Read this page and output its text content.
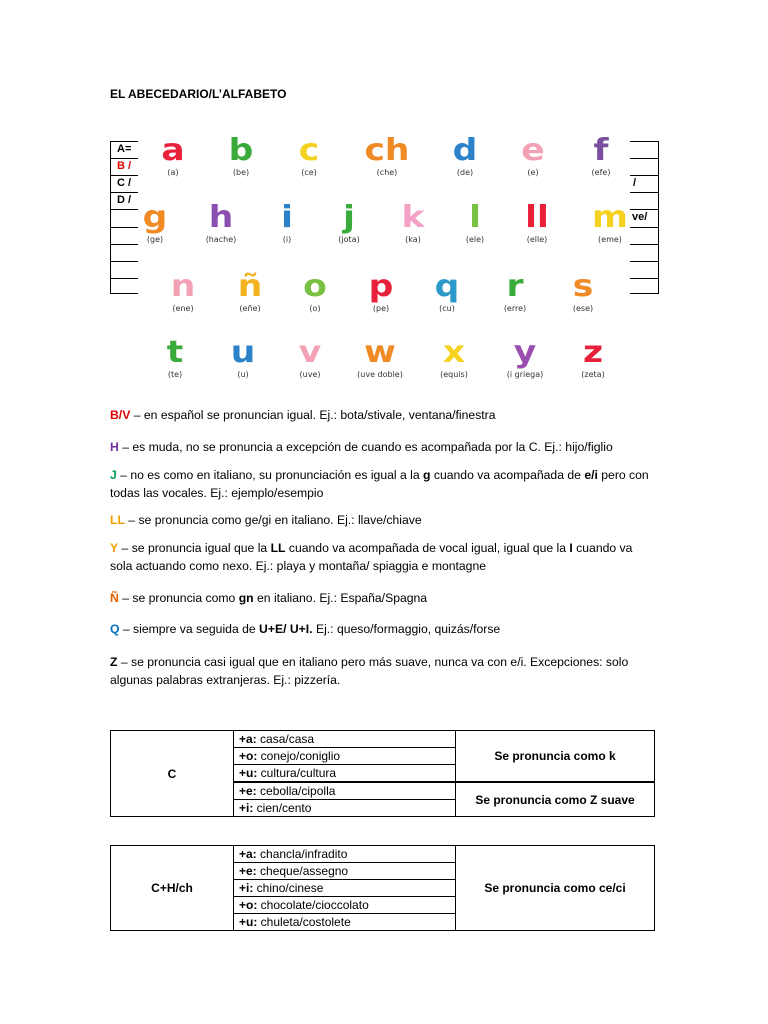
EL ABECEDARIO/L’ALFABETO
A=
B /
C /
D /
/
ve/
a
(a)
b
(be)
c
(ce)
ch
(che)
d
(de)
e
(e)
f
(efe)
g
(ge)
h
(hache)
i
(i)
j
(jota)
k
(ka)
l
(ele)
ll
(elle)
m
(eme)
n
(ene)
ñ
(eñe)
o
(o)
p
(pe)
q
(cu)
r
(erre)
s
(ese)
t
(te)
u
(u)
v
(uve)
w
(uve doble)
x
(equis)
y
(i griega)
z
(zeta)
B/V – en español se pronuncian igual. Ej.: bota/stivale, ventana/finestra
H – es muda, no se pronuncia a excepción de cuando es acompañada por la C. Ej.: hijo/figlio
J – no es como en italiano, su pronunciación es igual a la g cuando va acompañada de e/i pero con todas las vocales. Ej.: ejemplo/esempio
LL – se pronuncia como ge/gi en italiano. Ej.: llave/chiave
Y – se pronuncia igual que la LL cuando va acompañada de vocal igual, igual que la I cuando va sola actuando como nexo. Ej.: playa y montaña/ spiaggia e montagne
Ñ – se pronuncia como gn en italiano. Ej.: España/Spagna
Q – siempre va seguida de U+E/ U+I. Ej.: queso/formaggio, quizás/forse
Z – se pronuncia casi igual que en italiano pero más suave, nunca va con e/i. Excepciones: solo algunas palabras extranjeras. Ej.: pizzería.
C	+a: casa/casa	Se pronuncia como k
	+o: conejo/coniglio	
	+u: cultura/cultura	
	+e: cebolla/cipolla	Se pronuncia como Z suave
	+i: cien/cento	
C+H/ch	+a: chancla/infradito	Se pronuncia como ce/ci
+e: cheque/assegno
+i: chino/cinese
+o: chocolate/cioccolato
+u: chuleta/costolete
